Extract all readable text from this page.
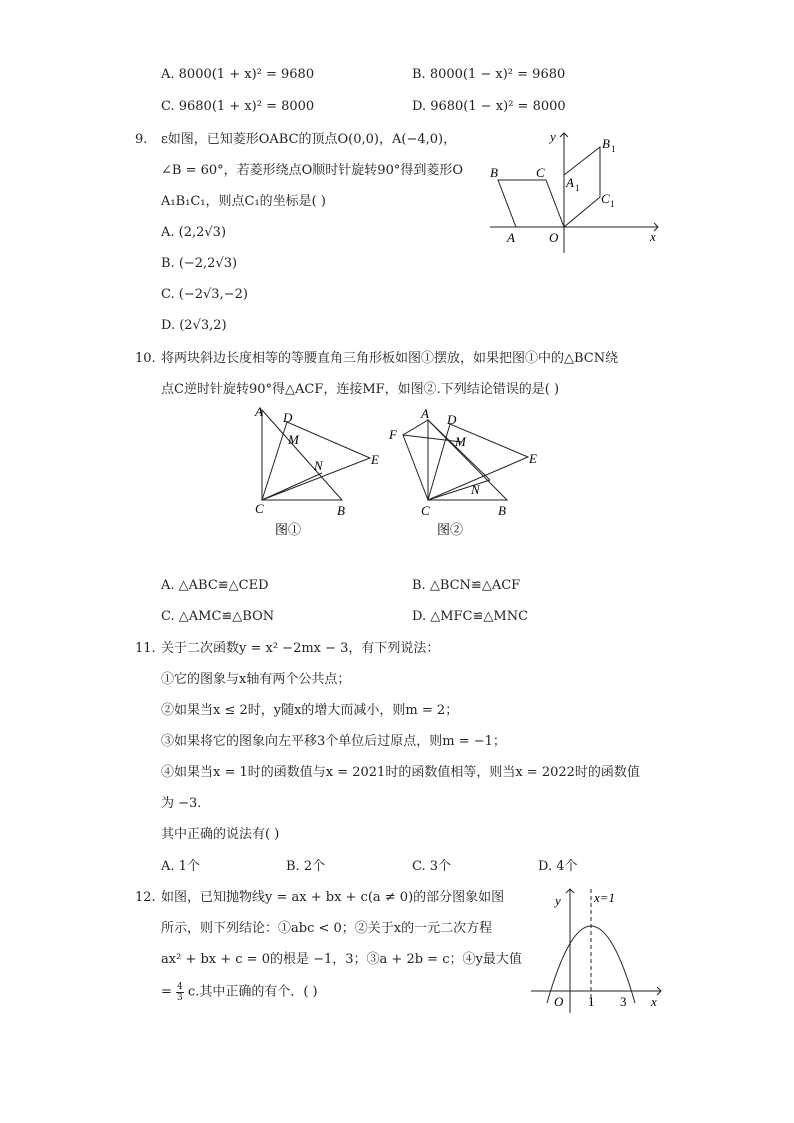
A. 8000(1 + x)² = 9680	B. 8000(1 − x)² = 9680
C. 9680(1 + x)² = 8000	D. 9680(1 − x)² = 8000
9. ε如图，已知菱形OABC的顶点O(0,0)，A(−4,0)，
∠B = 60°，若菱形绕点O顺时针旋转90°得到菱形O
A₁B₁C₁，则点C₁的坐标是( )
A. (2,2√3)
B. (−2,2√3)
C. (−2√3,−2)
D. (2√3,2)
y
x
B	C
A 1
B 1
C 1
A	O
10. 将两块斜边长度相等的等腰直角三角形板如图①摆放，如果把图①中的△BCN绕
点C逆时针旋转90°得△ACF，连接MF，如图②.下列结论错误的是( )
A D
M
N	E
C	B
图①
F
A D
M
N
E
C	B
图②
A. △ABC≌△CED	B. △BCN≌△ACF
C. △AMC≌△BON	D. △MFC≌△MNC
11. 关于二次函数y = x² −2mx − 3，有下列说法：
①它的图象与x轴有两个公共点；
②如果当x ≤ 2时，y随x的增大而减小，则m = 2；
③如果将它的图象向左平移3个单位后过原点，则m = −1；
④如果当x = 1时的函数值与x = 2021时的函数值相等，则当x = 2022时的函数值
为 −3.
其中正确的说法有( )
A. 1个	B. 2个	C. 3个	D. 4个
12. 如图，已知抛物线y = ax + bx + c(a ≠ 0)的部分图象如图
所示，则下列结论：①abc < 0；②关于x的一元二次方程
ax² + bx + c = 0的根是 −1，3；③a + 2b = c；④y最大值
= $\frac{4}{3} c$.其中正确的有个．( )
y
x
x=1
O 1 3
